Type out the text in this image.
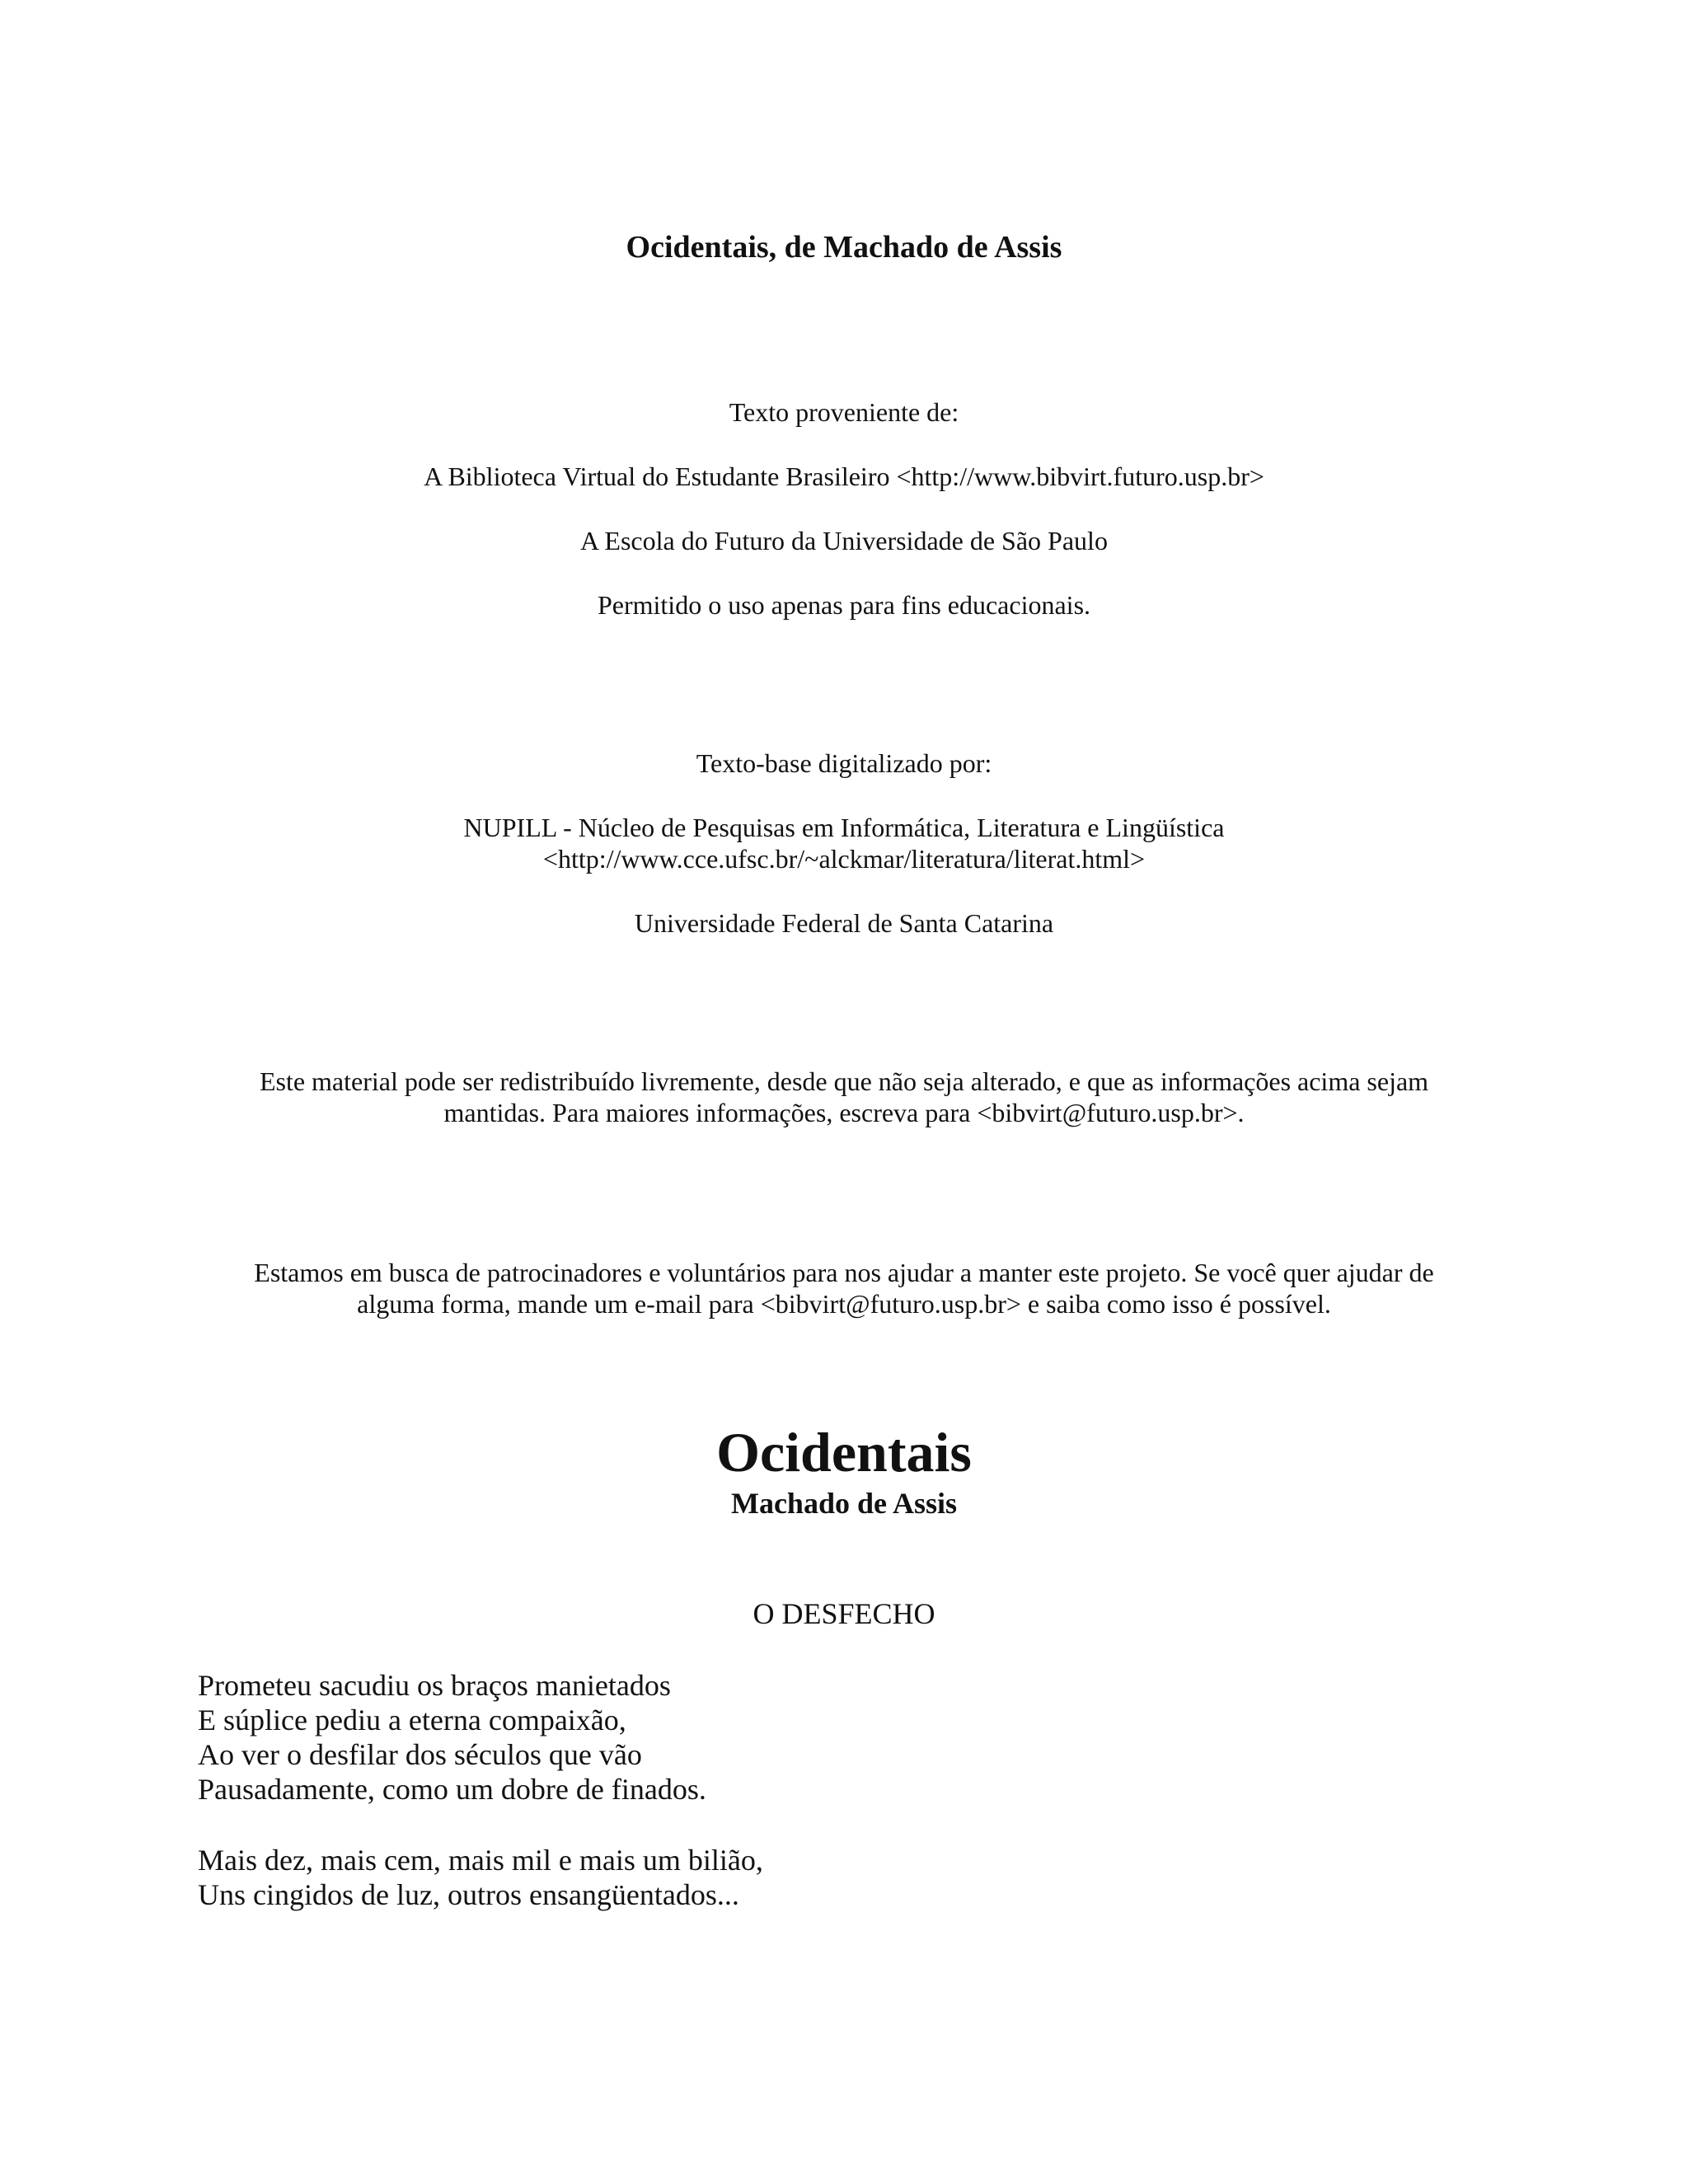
Ocidentais, de Machado de Assis
Texto proveniente de:
A Biblioteca Virtual do Estudante Brasileiro <http://www.bibvirt.futuro.usp.br>
A Escola do Futuro da Universidade de São Paulo
Permitido o uso apenas para fins educacionais.
Texto-base digitalizado por:
NUPILL - Núcleo de Pesquisas em Informática, Literatura e Lingüística
<http://www.cce.ufsc.br/~alckmar/literatura/literat.html>
Universidade Federal de Santa Catarina
Este material pode ser redistribuído livremente, desde que não seja alterado, e que as informações acima sejam
mantidas. Para maiores informações, escreva para <bibvirt@futuro.usp.br>.
Estamos em busca de patrocinadores e voluntários para nos ajudar a manter este projeto. Se você quer ajudar de
alguma forma, mande um e-mail para <bibvirt@futuro.usp.br> e saiba como isso é possível.
Ocidentais
Machado de Assis
O DESFECHO
Prometeu sacudiu os braços manietados
E súplice pediu a eterna compaixão,
Ao ver o desfilar dos séculos que vão
Pausadamente, como um dobre de finados.
Mais dez, mais cem, mais mil e mais um bilião,
Uns cingidos de luz, outros ensangüentados...
